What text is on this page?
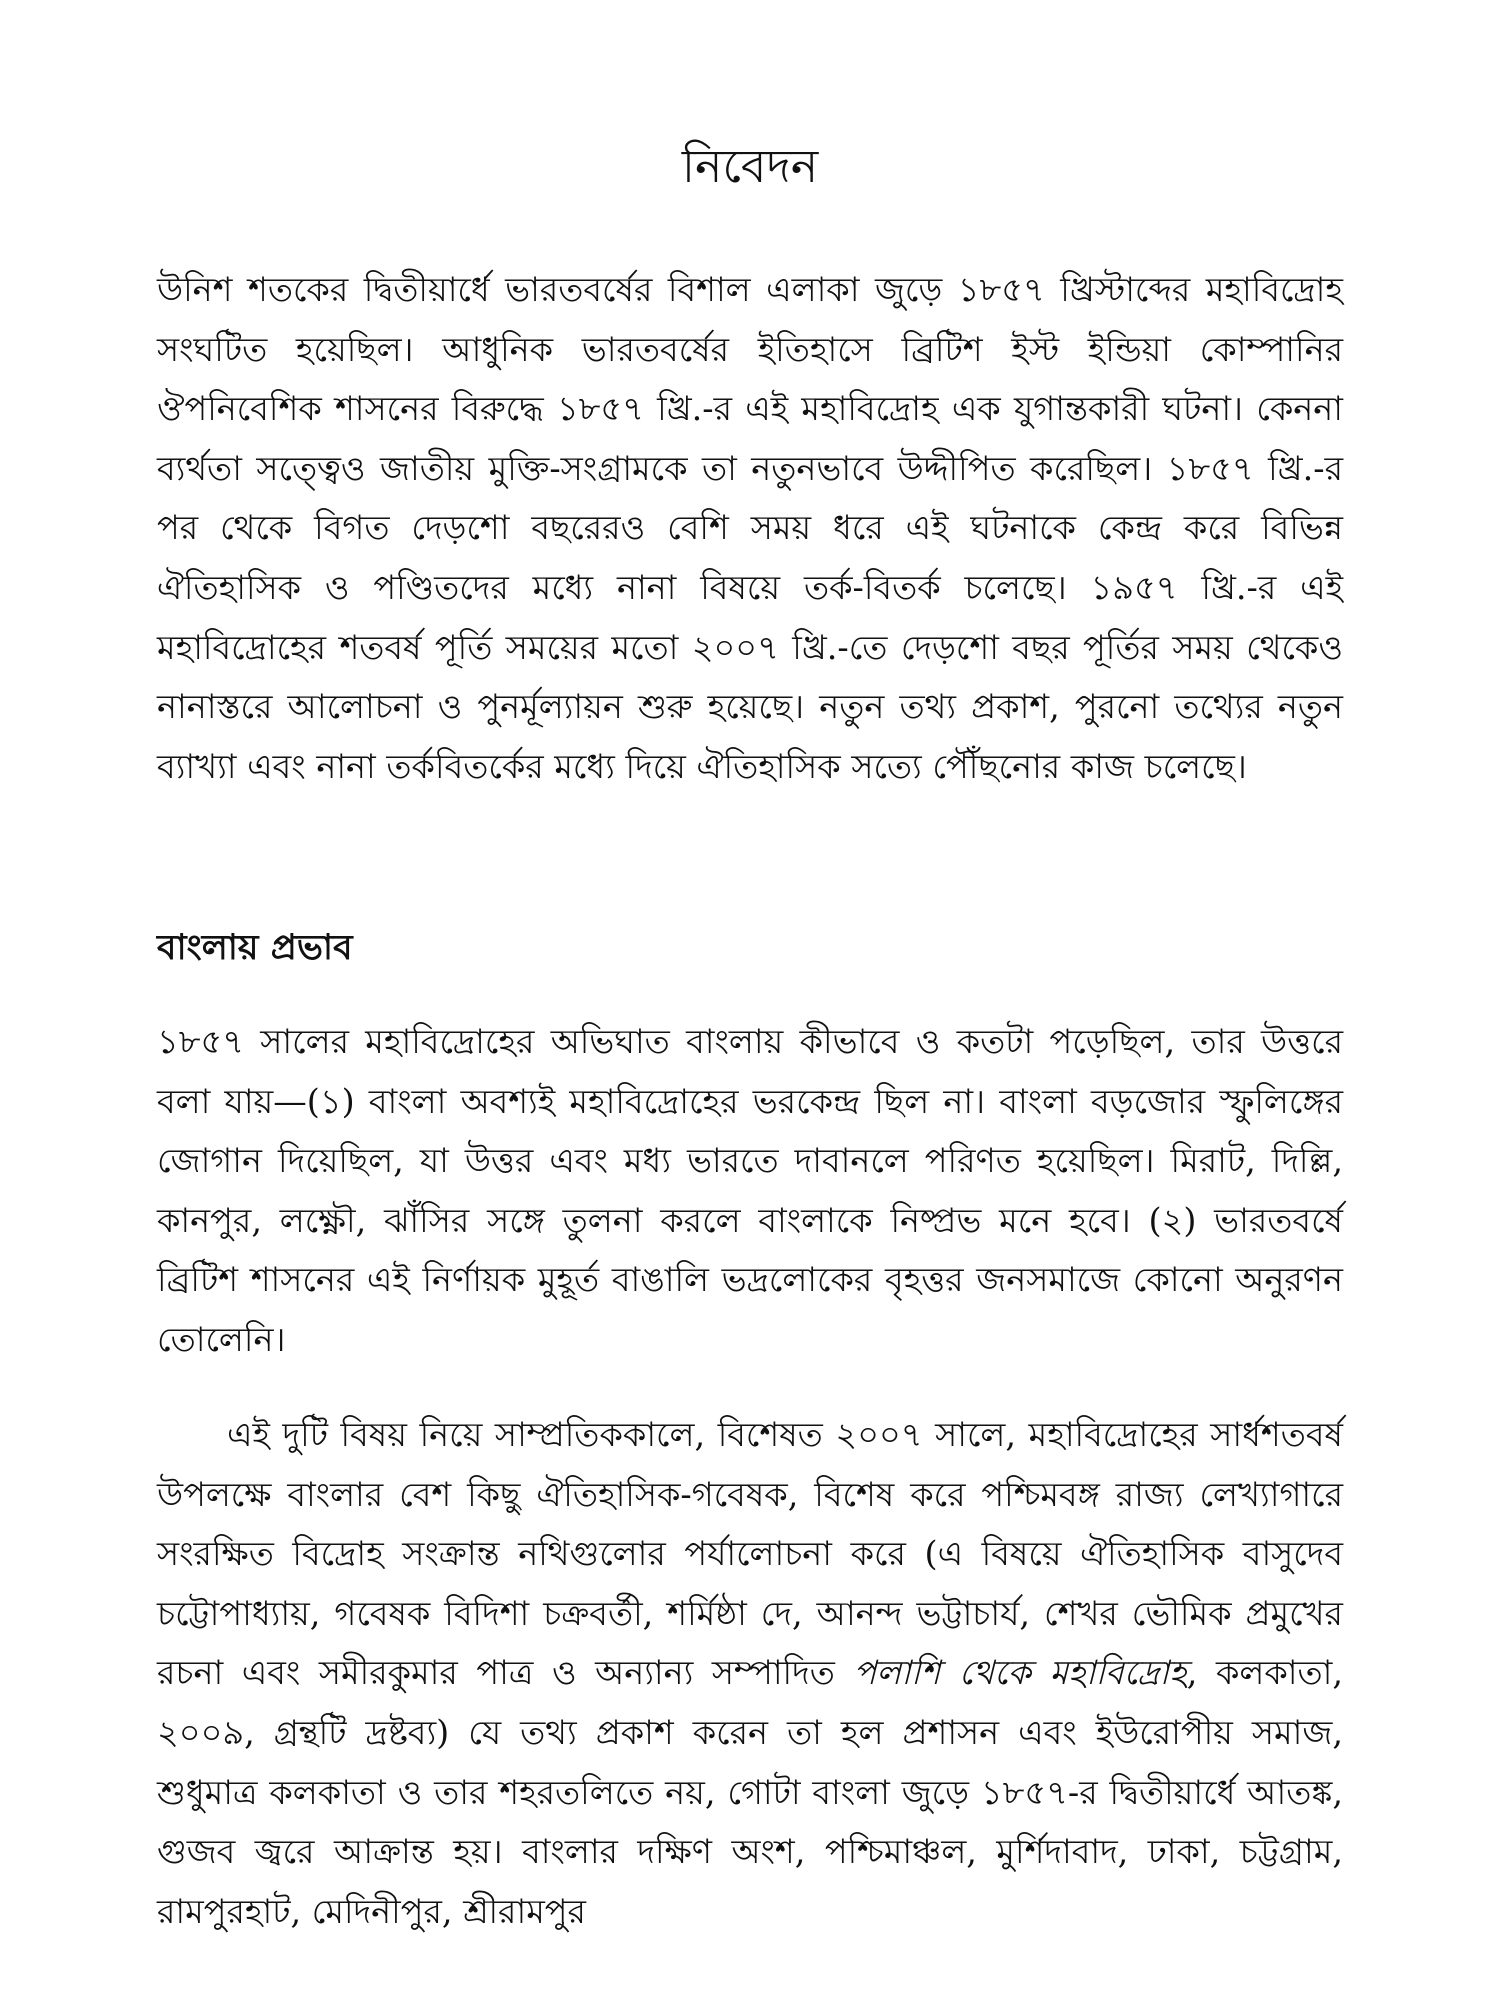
নিবেদন

উনিশ শতকের দ্বিতীয়ার্ধে ভারতবর্ষের বিশাল এলাকা জুড়ে ১৮৫৭ খ্রিস্টাব্দের মহাবিদ্রোহ সংঘটিত হয়েছিল। আধুনিক ভারতবর্ষের ইতিহাসে ব্রিটিশ ইস্ট ইন্ডিয়া কোম্পানির ঔপনিবেশিক শাসনের বিরুদ্ধে ১৮৫৭ খ্রি.-র এই মহাবিদ্রোহ এক যুগান্তকারী ঘটনা। কেননা ব্যর্থতা সত্ত্বেও জাতীয় মুক্তি-সংগ্রামকে তা নতুনভাবে উদ্দীপিত করেছিল। ১৮৫৭ খ্রি.-র পর থেকে বিগত দেড়শো বছরেরও বেশি সময় ধরে এই ঘটনাকে কেন্দ্র করে বিভিন্ন ঐতিহাসিক ও পণ্ডিতদের মধ্যে নানা বিষয়ে তর্ক-বিতর্ক চলেছে। ১৯৫৭ খ্রি.-র এই মহাবিদ্রোহের শতবর্ষ পূর্তি সময়ের মতো ২০০৭ খ্রি.-তে দেড়শো বছর পূর্তির সময় থেকেও নানাস্তরে আলোচনা ও পুনর্মূল্যায়ন শুরু হয়েছে। নতুন তথ্য প্রকাশ, পুরনো তথ্যের নতুন ব্যাখ্যা এবং নানা তর্কবিতর্কের মধ্যে দিয়ে ঐতিহাসিক সত্যে পৌঁছনোর কাজ চলেছে।

বাংলায় প্রভাব

১৮৫৭ সালের মহাবিদ্রোহের অভিঘাত বাংলায় কীভাবে ও কতটা পড়েছিল, তার উত্তরে বলা যায়—(১) বাংলা অবশ্যই মহাবিদ্রোহের ভরকেন্দ্র ছিল না। বাংলা বড়জোর স্ফুলিঙ্গের জোগান দিয়েছিল, যা উত্তর এবং মধ্য ভারতে দাবানলে পরিণত হয়েছিল। মিরাট, দিল্লি, কানপুর, লক্ষ্ণৌ, ঝাঁসির সঙ্গে তুলনা করলে বাংলাকে নিষ্প্রভ মনে হবে। (২) ভারতবর্ষে ব্রিটিশ শাসনের এই নির্ণায়ক মুহূর্ত বাঙালি ভদ্রলোকের বৃহত্তর জনসমাজে কোনো অনুরণন তোলেনি।

এই দুটি বিষয় নিয়ে সাম্প্রতিককালে, বিশেষত ২০০৭ সালে, মহাবিদ্রোহের সার্ধশতবর্ষ উপলক্ষে বাংলার বেশ কিছু ঐতিহাসিক-গবেষক, বিশেষ করে পশ্চিমবঙ্গ রাজ্য লেখ্যাগারে সংরক্ষিত বিদ্রোহ সংক্রান্ত নথিগুলোর পর্যালোচনা করে (এ বিষয়ে ঐতিহাসিক বাসুদেব চট্টোপাধ্যায়, গবেষক বিদিশা চক্রবর্তী, শর্মিষ্ঠা দে, আনন্দ ভট্টাচার্য, শেখর ভৌমিক প্রমুখের রচনা এবং সমীরকুমার পাত্র ও অন্যান্য সম্পাদিত পলাশি থেকে মহাবিদ্রোহ, কলকাতা, ২০০৯, গ্রন্থটি দ্রষ্টব্য) যে তথ্য প্রকাশ করেন তা হল প্রশাসন এবং ইউরোপীয় সমাজ, শুধুমাত্র কলকাতা ও তার শহরতলিতে নয়, গোটা বাংলা জুড়ে ১৮৫৭-র দ্বিতীয়ার্ধে আতঙ্ক, গুজব জ্বরে আক্রান্ত হয়। বাংলার দক্ষিণ অংশ, পশ্চিমাঞ্চল, মুর্শিদাবাদ, ঢাকা, চট্টগ্রাম, রামপুরহাট, মেদিনীপুর, শ্রীরামপুর
